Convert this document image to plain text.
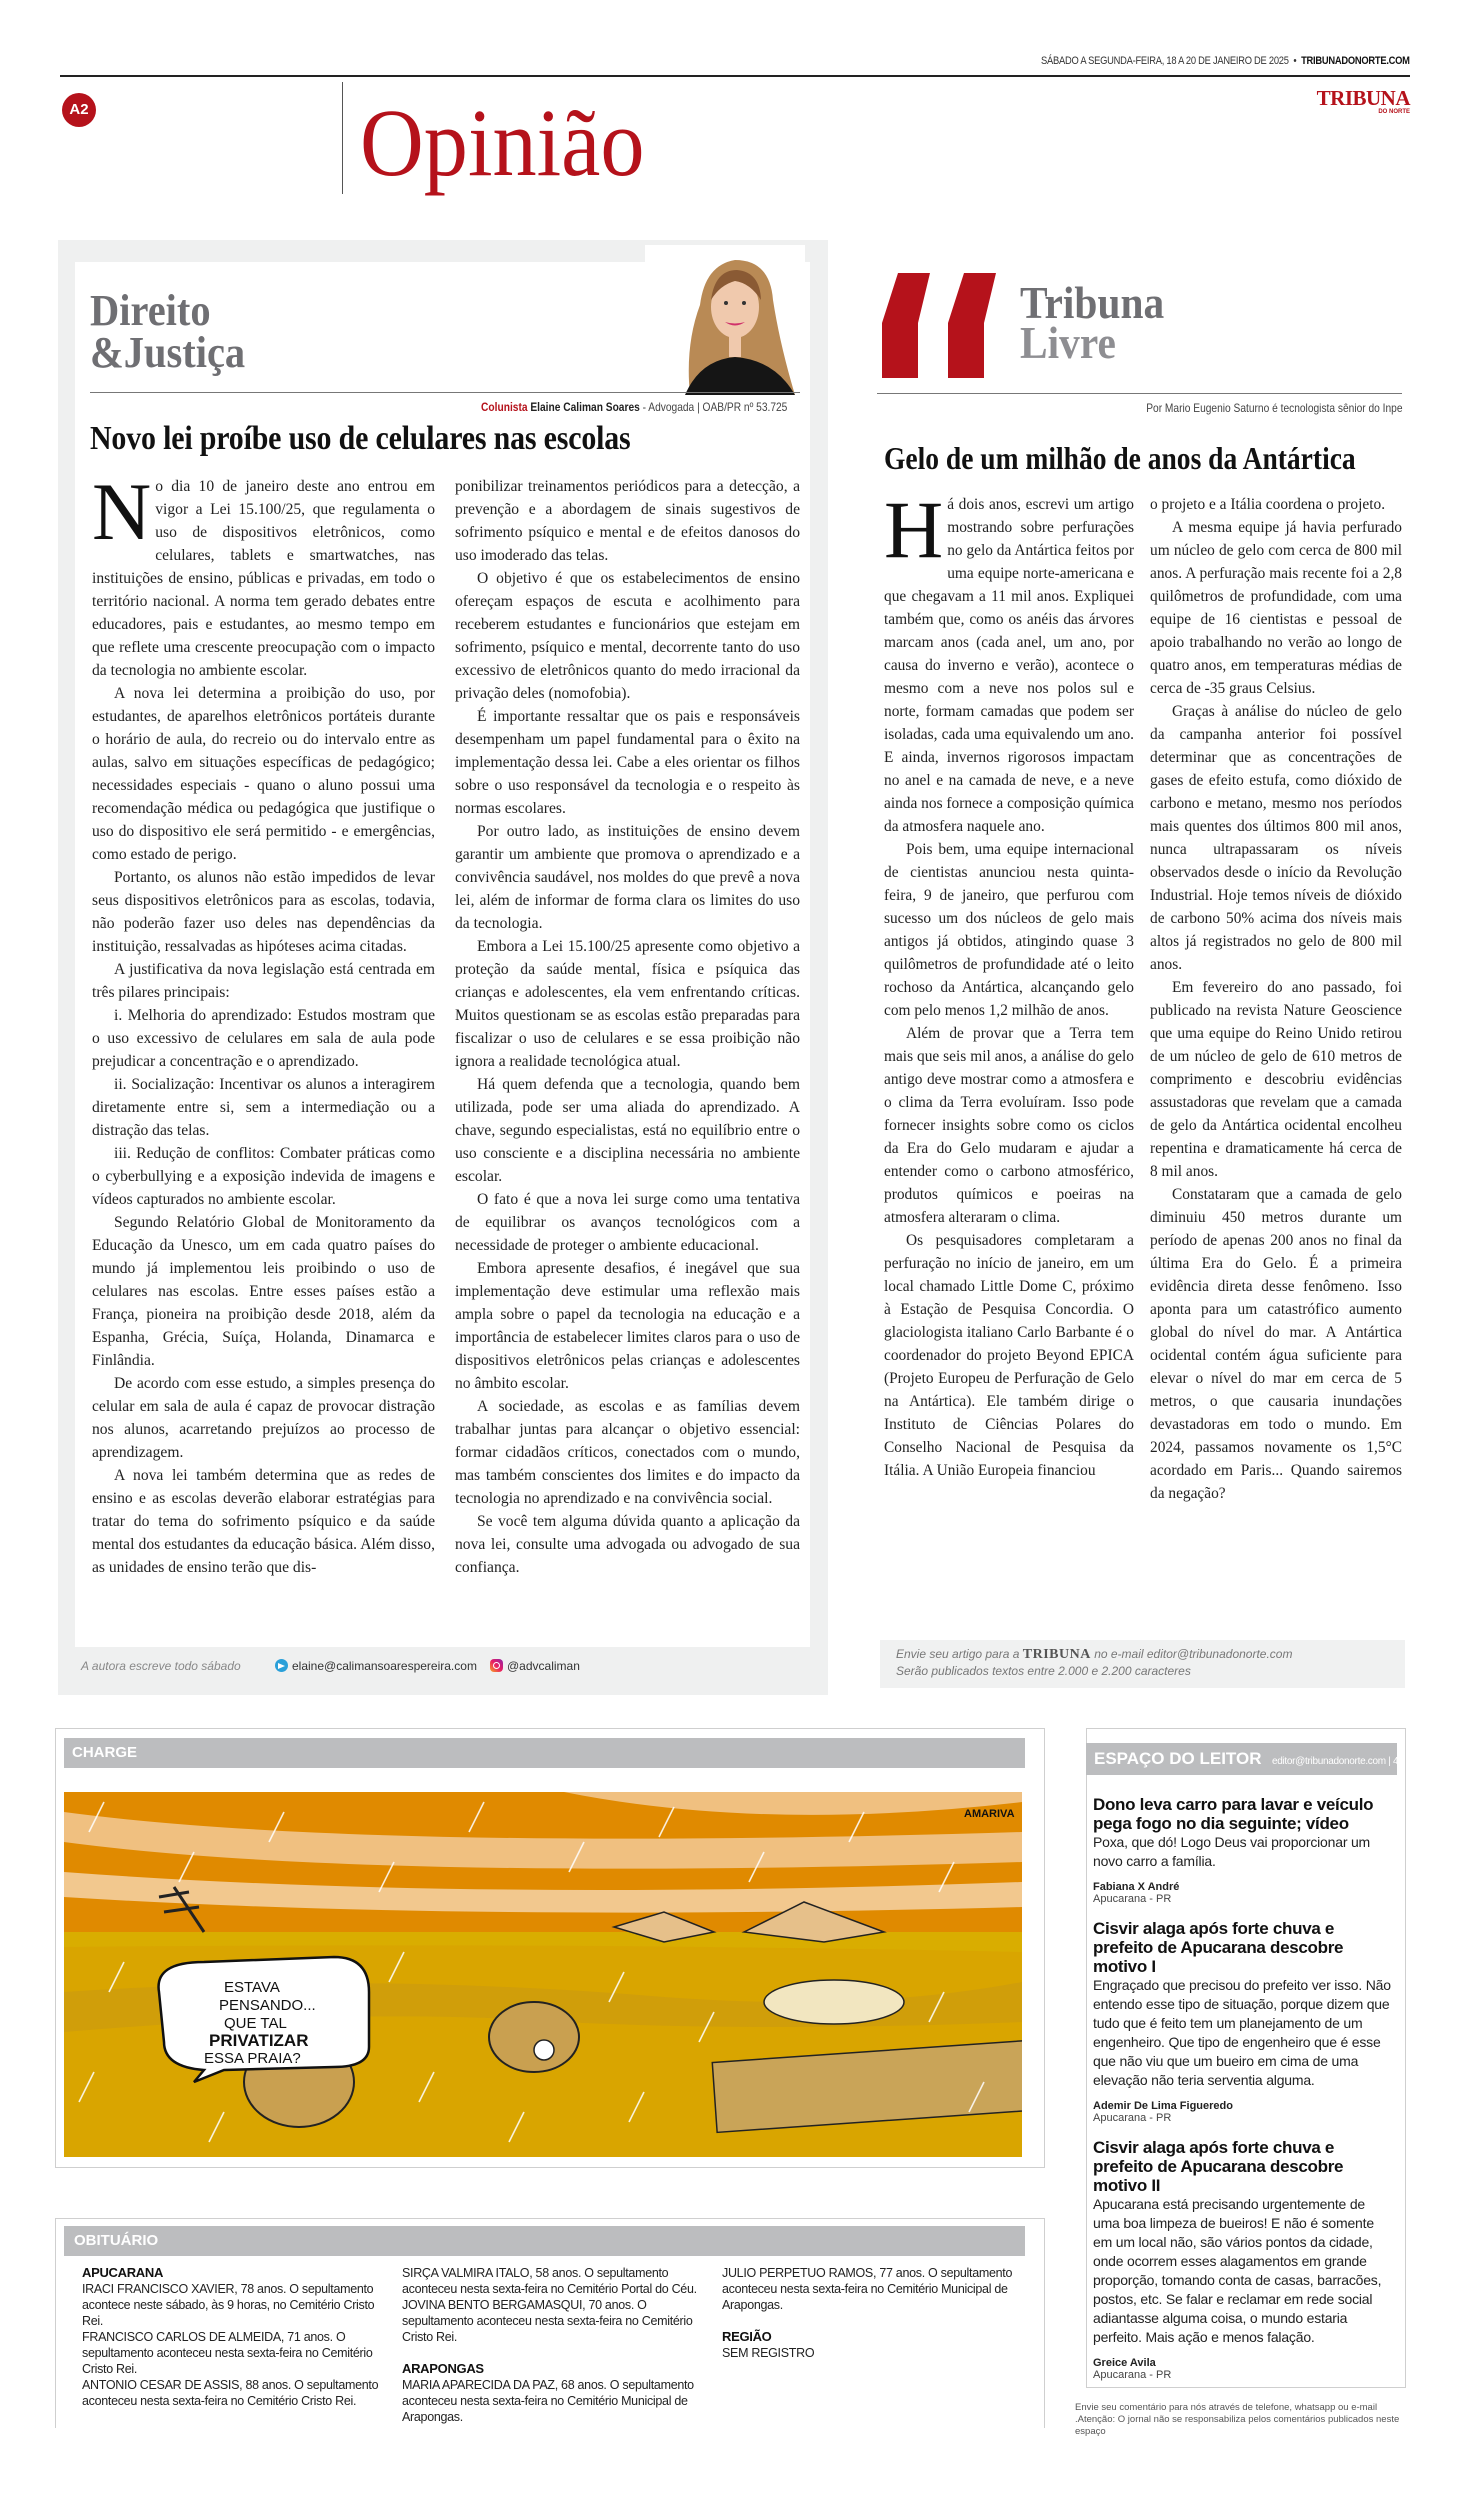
SÁBADO A SEGUNDA-FEIRA, 18 A 20 DE JANEIRO DE 2025 • TRIBUNADONORTE.COM
A2	Opinião	TRIBUNA
DO NORTE
Direito
&Justiça
Colunista Elaine Caliman Soares - Advogada | OAB/PR nº 53.725
Novo lei proíbe uso de celulares nas escolas

No dia 10 de janeiro deste ano entrou em vigor a Lei 15.100/25, que regulamenta o uso de dispositivos eletrônicos, como celulares, tablets e smartwatches, nas instituições de ensino, públicas e privadas, em todo o território nacional. A norma tem gerado debates entre educadores, pais e estudantes, ao mesmo tempo em que reflete uma crescente preocupação com o impacto da tecnologia no ambiente escolar.

A nova lei determina a proibição do uso, por estudantes, de aparelhos eletrônicos portáteis durante o horário de aula, do recreio ou do intervalo entre as aulas, salvo em situações específicas de pedagógico; necessidades especiais - quano o aluno possui uma recomendação médica ou pedagógica que justifique o uso do dispositivo ele será permitido - e emergências, como estado de perigo.

Portanto, os alunos não estão impedidos de levar seus dispositivos eletrônicos para as escolas, todavia, não poderão fazer uso deles nas dependências da instituição, ressalvadas as hipóteses acima citadas.

A justificativa da nova legislação está centrada em três pilares principais:

i. Melhoria do aprendizado: Estudos mostram que o uso excessivo de celulares em sala de aula pode prejudicar a concentração e o aprendizado.

ii. Socialização: Incentivar os alunos a interagirem diretamente entre si, sem a intermediação ou a distração das telas.

iii. Redução de conflitos: Combater práticas como o cyberbullying e a exposição indevida de imagens e vídeos capturados no ambiente escolar.

Segundo Relatório Global de Monitoramento da Educação da Unesco, um em cada quatro países do mundo já implementou leis proibindo o uso de celulares nas escolas. Entre esses países estão a França, pioneira na proibição desde 2018, além da Espanha, Grécia, Suíça, Holanda, Dinamarca e Finlândia.

De acordo com esse estudo, a simples presença do celular em sala de aula é capaz de provocar distração nos alunos, acarretando prejuízos ao processo de aprendizagem.

A nova lei também determina que as redes de ensino e as escolas deverão elaborar estratégias para tratar do tema do sofrimento psíquico e da saúde mental dos estudantes da educação básica. Além disso, as unidades de ensino terão que dis-

ponibilizar treinamentos periódicos para a detecção, a prevenção e a abordagem de sinais sugestivos de sofrimento psíquico e mental e de efeitos danosos do uso imoderado das telas.

O objetivo é que os estabelecimentos de ensino ofereçam espaços de escuta e acolhimento para receberem estudantes e funcionários que estejam em sofrimento, psíquico e mental, decorrente tanto do uso excessivo de eletrônicos quanto do medo irracional da privação deles (nomofobia).

É importante ressaltar que os pais e responsáveis desempenham um papel fundamental para o êxito na implementação dessa lei. Cabe a eles orientar os filhos sobre o uso responsável da tecnologia e o respeito às normas escolares.

Por outro lado, as instituições de ensino devem garantir um ambiente que promova o aprendizado e a convivência saudável, nos moldes do que prevê a nova lei, além de informar de forma clara os limites do uso da tecnologia.

Embora a Lei 15.100/25 apresente como objetivo a proteção da saúde mental, física e psíquica das crianças e adolescentes, ela vem enfrentando críticas. Muitos questionam se as escolas estão preparadas para fiscalizar o uso de celulares e se essa proibição não ignora a realidade tecnológica atual.

Há quem defenda que a tecnologia, quando bem utilizada, pode ser uma aliada do aprendizado. A chave, segundo especialistas, está no equilíbrio entre o uso consciente e a disciplina necessária no ambiente escolar.

O fato é que a nova lei surge como uma tentativa de equilibrar os avanços tecnológicos com a necessidade de proteger o ambiente educacional.

Embora apresente desafios, é inegável que sua implementação deve estimular uma reflexão mais ampla sobre o papel da tecnologia na educação e a importância de estabelecer limites claros para o uso de dispositivos eletrônicos pelas crianças e adolescentes no âmbito escolar.

A sociedade, as escolas e as famílias devem trabalhar juntas para alcançar o objetivo essencial: formar cidadãos críticos, conectados com o mundo, mas também conscientes dos limites e do impacto da tecnologia no aprendizado e na convivência social.

Se você tem alguma dúvida quanto a aplicação da nova lei, consulte uma advogada ou advogado de sua confiança.

A autora escreve todo sábado	elaine@calimansoarespereira.com	@advcaliman
Tribuna
Livre
Por Mario Eugenio Saturno é tecnologista sênior do Inpe
Gelo de um milhão de anos da Antártica

Há dois anos, escrevi um artigo mostrando sobre perfurações no gelo da Antártica feitos por uma equipe norte-americana e que chegavam a 11 mil anos. Expliquei também que, como os anéis das árvores marcam anos (cada anel, um ano, por causa do inverno e verão), acontece o mesmo com a neve nos polos sul e norte, formam camadas que podem ser isoladas, cada uma equivalendo um ano. E ainda, invernos rigorosos impactam no anel e na camada de neve, e a neve ainda nos fornece a composição química da atmosfera naquele ano.

Pois bem, uma equipe internacional de cientistas anunciou nesta quinta-feira, 9 de janeiro, que perfurou com sucesso um dos núcleos de gelo mais antigos já obtidos, atingindo quase 3 quilômetros de profundidade até o leito rochoso da Antártica, alcançando gelo com pelo menos 1,2 milhão de anos.

Além de provar que a Terra tem mais que seis mil anos, a análise do gelo antigo deve mostrar como a atmosfera e o clima da Terra evoluíram. Isso pode fornecer insights sobre como os ciclos da Era do Gelo mudaram e ajudar a entender como o carbono atmosférico, produtos químicos e poeiras na atmosfera alteraram o clima.

Os pesquisadores completaram a perfuração no início de janeiro, em um local chamado Little Dome C, próximo à Estação de Pesquisa Concordia. O glaciologista italiano Carlo Barbante é o coordenador do projeto Beyond EPICA (Projeto Europeu de Perfuração de Gelo na Antártica). Ele também dirige o Instituto de Ciências Polares do Conselho Nacional de Pesquisa da Itália. A União Europeia financiou

o projeto e a Itália coordena o projeto.

A mesma equipe já havia perfurado um núcleo de gelo com cerca de 800 mil anos. A perfuração mais recente foi a 2,8 quilômetros de profundidade, com uma equipe de 16 cientistas e pessoal de apoio trabalhando no verão ao longo de quatro anos, em temperaturas médias de cerca de -35 graus Celsius.

Graças à análise do núcleo de gelo da campanha anterior foi possível determinar que as concentrações de gases de efeito estufa, como dióxido de carbono e metano, mesmo nos períodos mais quentes dos últimos 800 mil anos, nunca ultrapassaram os níveis observados desde o início da Revolução Industrial. Hoje temos níveis de dióxido de carbono 50% acima dos níveis mais altos já registrados no gelo de 800 mil anos.

Em fevereiro do ano passado, foi publicado na revista Nature Geoscience que uma equipe do Reino Unido retirou de um núcleo de gelo de 610 metros de comprimento e descobriu evidências assustadoras que revelam que a camada de gelo da Antártica ocidental encolheu repentina e dramaticamente há cerca de 8 mil anos.

Constataram que a camada de gelo diminuiu 450 metros durante um período de apenas 200 anos no final da última Era do Gelo. É a primeira evidência direta desse fenômeno. Isso aponta para um catastrófico aumento global do nível do mar. A Antártica ocidental contém água suficiente para elevar o nível do mar em cerca de 5 metros, o que causaria inundações devastadoras em todo o mundo. Em 2024, passamos novamente os 1,5°C acordado em Paris... Quando sairemos da negação?

Envie seu artigo para a TRIBUNA no e-mail editor@tribunadonorte.com
Serão publicados textos entre 2.000 e 2.200 caracteres
CHARGE
ESTAVA
PENSANDO...
QUE TAL
PRIVATIZAR
ESSA PRAIA?
AMARIVA
ESPAÇO DO LEITOR editor@tribunadonorte.com | 43 3420-1169
Dono leva carro para lavar e veículo pega fogo no dia seguinte; vídeo

Poxa, que dó! Logo Deus vai proporcionar um novo carro a família.

Fabiana X André
Apucarana - PR
Cisvir alaga após forte chuva e prefeito de Apucarana descobre motivo I

Engraçado que precisou do prefeito ver isso. Não entendo esse tipo de situação, porque dizem que tudo que é feito tem um planejamento de um engenheiro. Que tipo de engenheiro que é esse que não viu que um bueiro em cima de uma elevação não teria serventia alguma.

Ademir De Lima Figueredo
Apucarana - PR
Cisvir alaga após forte chuva e prefeito de Apucarana descobre motivo II

Apucarana está precisando urgentemente de uma boa limpeza de bueiros! E não é somente em um local não, são vários pontos da cidade, onde ocorrem esses alagamentos em grande proporção, tomando conta de casas, barracões, postos, etc. Se falar e reclamar em rede social adiantasse alguma coisa, o mundo estaria perfeito. Mais ação e menos falação.

Greice Avila
Apucarana - PR
Envie seu comentário para nós através de telefone, whatsapp ou e-mail .Atenção: O jornal não se responsabiliza pelos comentários publicados neste espaço
OBITUÁRIO
APUCARANA
IRACI FRANCISCO XAVIER, 78 anos. O sepultamento acontece neste sábado, às 9 horas, no Cemitério Cristo Rei.
FRANCISCO CARLOS DE ALMEIDA, 71 anos. O sepultamento aconteceu nesta sexta-feira no Cemitério Cristo Rei.
ANTONIO CESAR DE ASSIS, 88 anos. O sepultamento aconteceu nesta sexta-feira no Cemitério Cristo Rei.
SIRÇA VALMIRA ITALO, 58 anos. O sepultamento aconteceu nesta sexta-feira no Cemitério Portal do Céu.
JOVINA BENTO BERGAMASQUI, 70 anos. O sepultamento aconteceu nesta sexta-feira no Cemitério Cristo Rei.
ARAPONGAS
MARIA APARECIDA DA PAZ, 68 anos. O sepultamento aconteceu nesta sexta-feira no Cemitério Municipal de Arapongas.
JULIO PERPETUO RAMOS, 77 anos. O sepultamento aconteceu nesta sexta-feira no Cemitério Municipal de Arapongas.
REGIÃO
SEM REGISTRO
